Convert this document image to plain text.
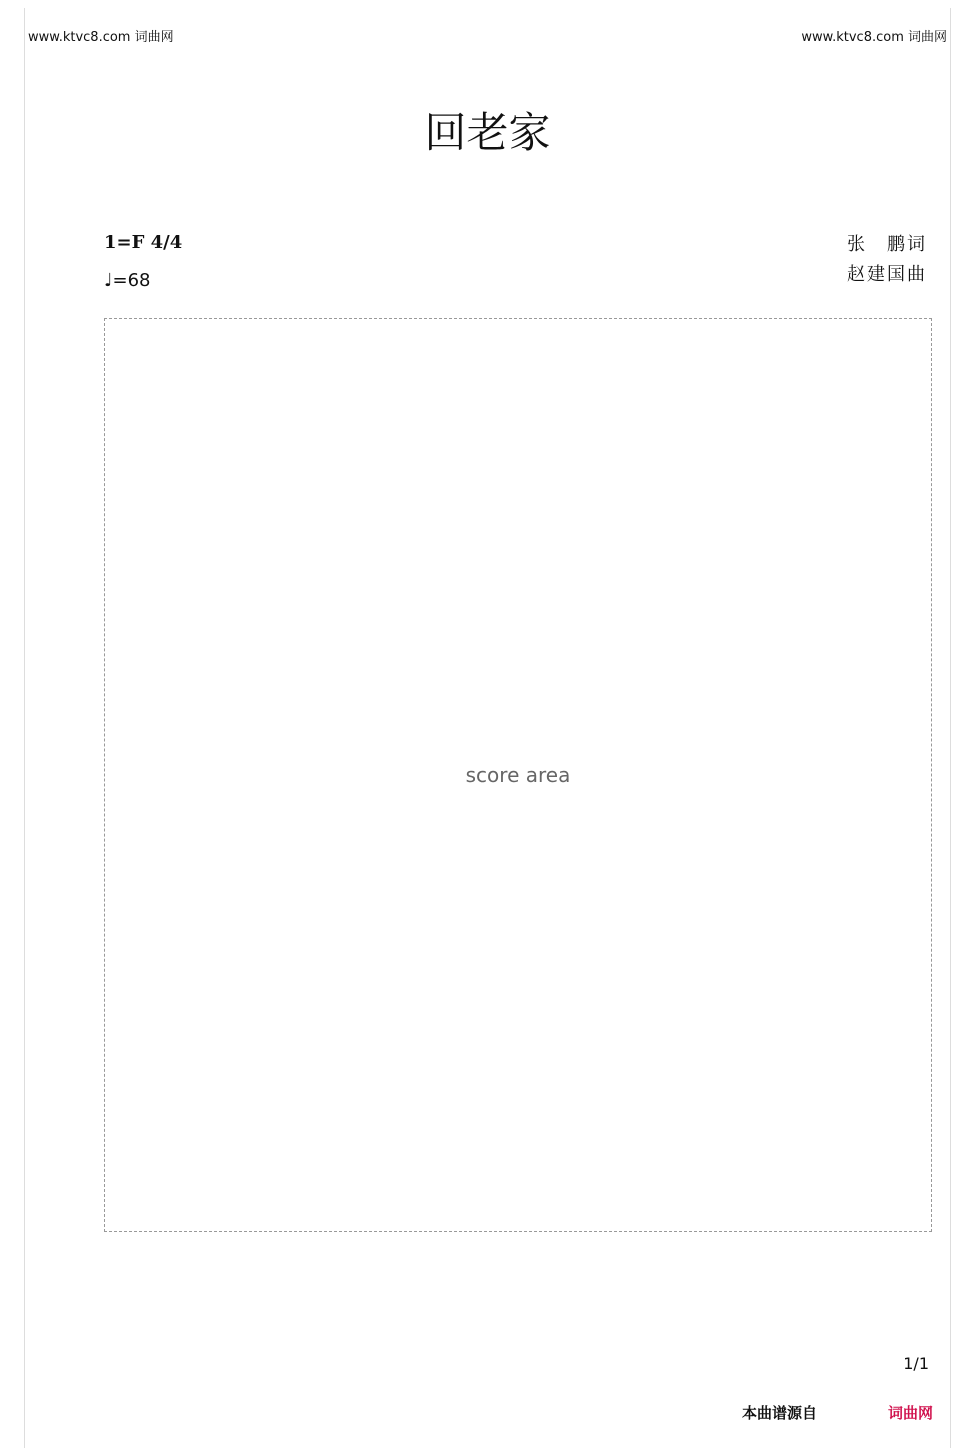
www.ktvc8.com 词曲网	www.ktvc8.com 词曲网
回老家
1=F 4/4
♩=68
张　鹏词
赵建国曲
score area
1/1
本曲谱源自	词曲网
